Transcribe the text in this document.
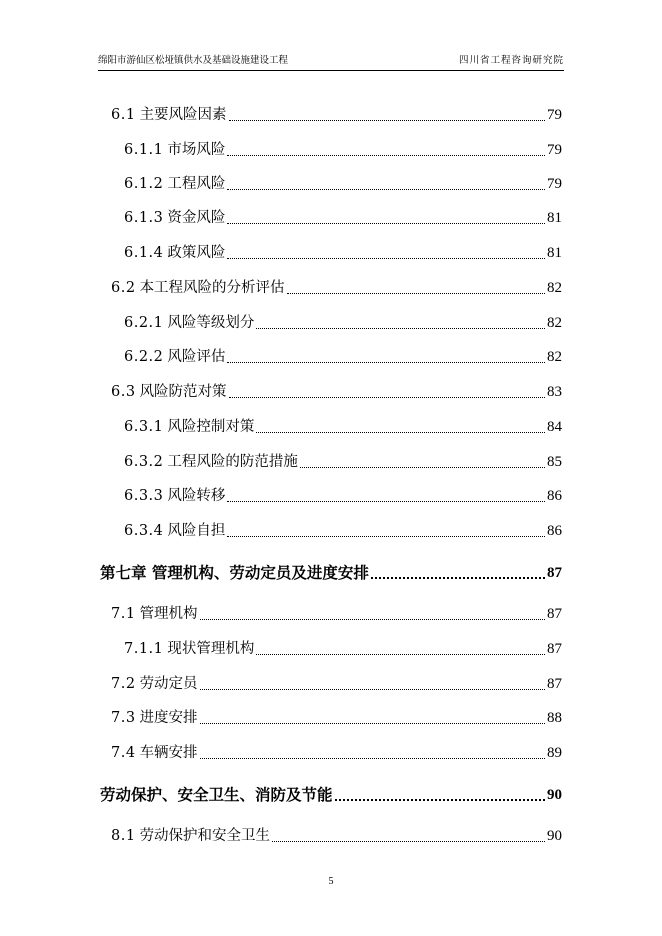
绵阳市游仙区松垭镇供水及基础设施建设工程	四川省工程咨询研究院
6.1 主要风险因素	79
6.1.1 市场风险	79
6.1.2 工程风险	79
6.1.3 资金风险	81
6.1.4 政策风险	81
6.2 本工程风险的分析评估	82
6.2.1 风险等级划分	82
6.2.2 风险评估	82
6.3 风险防范对策	83
6.3.1 风险控制对策	84
6.3.2 工程风险的防范措施	85
6.3.3 风险转移	86
6.3.4 风险自担	86
第七章 管理机构、劳动定员及进度安排	87
7.1 管理机构	87
7.1.1 现状管理机构	87
7.2 劳动定员	87
7.3 进度安排	88
7.4 车辆安排	89
劳动保护、安全卫生、消防及节能	90
8.1 劳动保护和安全卫生	90
5
